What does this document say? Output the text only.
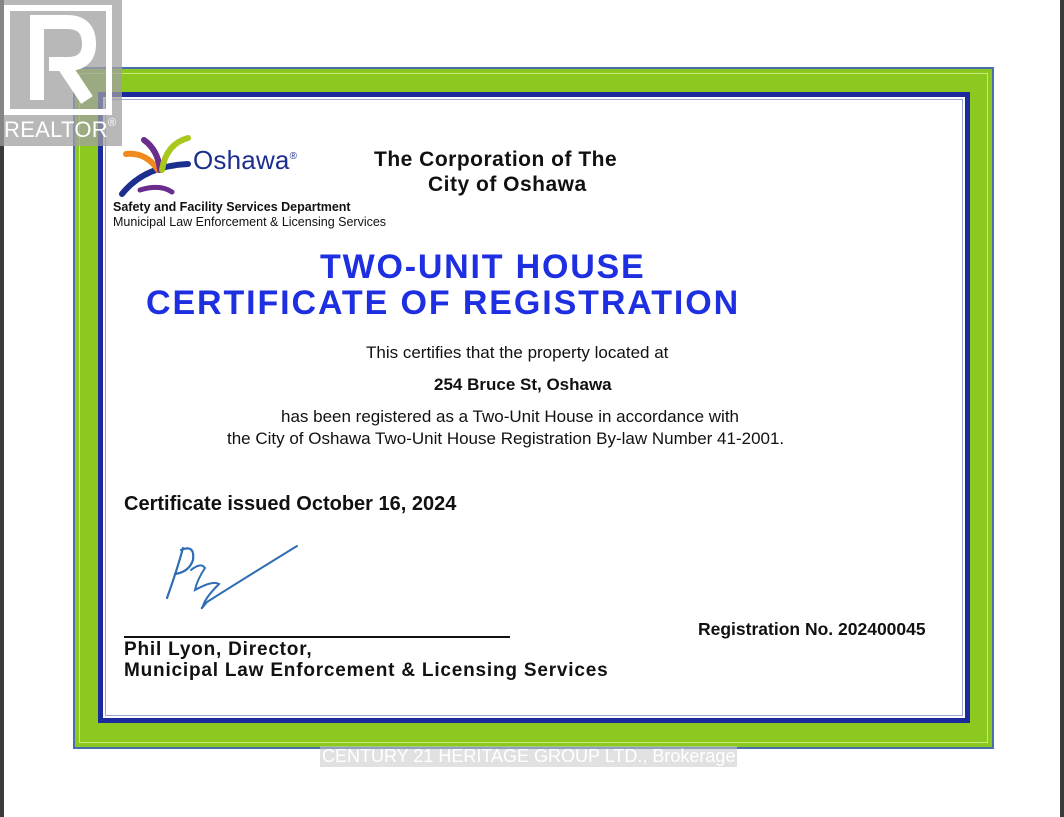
Oshawa®
Safety and Facility Services Department
Municipal Law Enforcement & Licensing Services
The Corporation of The
City of Oshawa
TWO-UNIT HOUSE
CERTIFICATE OF REGISTRATION
This certifies that the property located at
254 Bruce St, Oshawa
has been registered as a Two-Unit House in accordance with
the City of Oshawa Two-Unit House Registration By-law Number 41-2001.
Certificate issued October 16, 2024
Phil Lyon, Director,
Municipal Law Enforcement & Licensing Services
Registration No. 202400045
REALTOR®
CENTURY 21 HERITAGE GROUP LTD., Brokerage
